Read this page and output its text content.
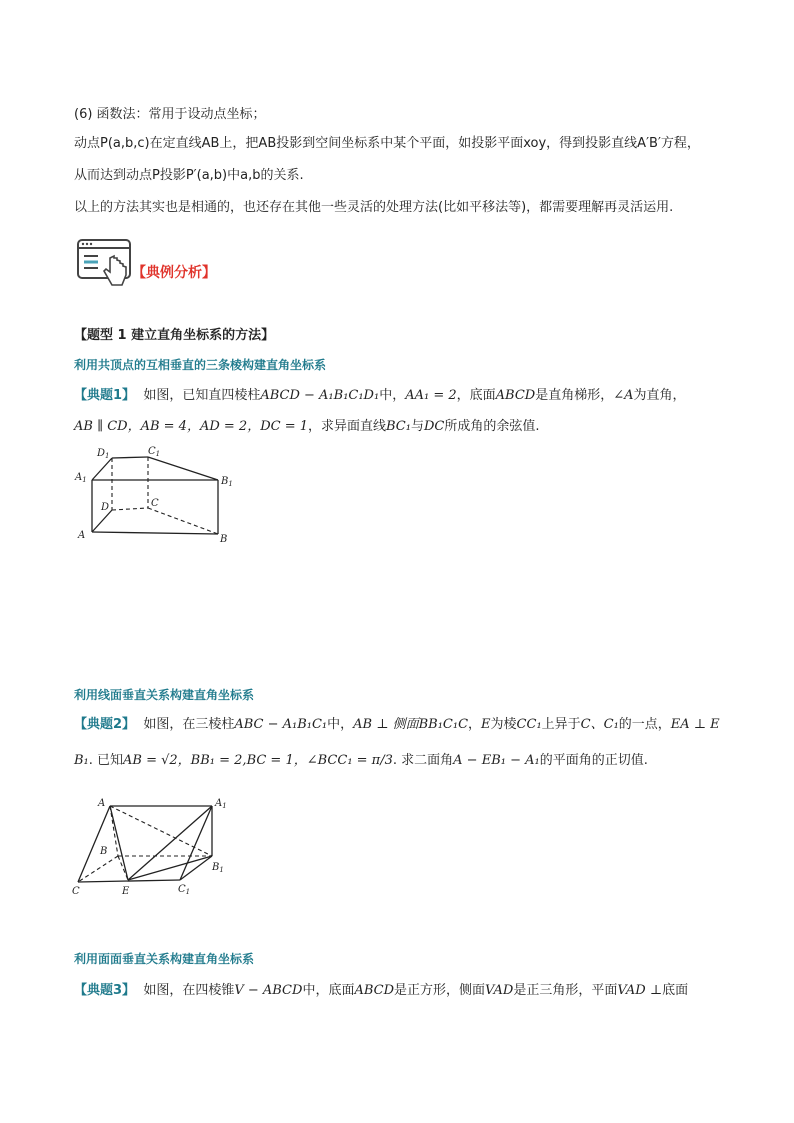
(6) 函数法：常用于设动点坐标；
动点P(a,b,c)在定直线AB上，把AB投影到空间坐标系中某个平面，如投影平面xoy，得到投影直线A′B′方程，
从而达到动点P投影P′(a,b)中a,b的关系.
以上的方法其实也是相通的，也还存在其他一些灵活的处理方法(比如平移法等)，都需要理解再灵活运用.
【典例分析】
【题型 1 建立直角坐标系的方法】
利用共顶点的互相垂直的三条棱构建直角坐标系
【典题1】 如图，已知直四棱柱ABCD − A₁B₁C₁D₁中，AA₁ = 2，底面ABCD是直角梯形，∠A为直角，
AB ∥ CD，AB = 4，AD = 2，DC = 1，求异面直线BC₁与DC所成角的余弦值.
$D_1$	$C_1$
$A_1$	$B_1$
D	C
A	B
利用线面垂直关系构建直角坐标系
【典题2】 如图，在三棱柱ABC − A₁B₁C₁中，AB ⊥ 侧面BB₁C₁C，E为棱CC₁上异于C、C₁的一点，EA ⊥ E
B₁. 已知AB = √2，BB₁ = 2,BC = 1，∠BCC₁ = π/3. 求二面角A − EB₁ − A₁的平面角的正切值.
A	$A_1$
B
$B_1$
C	E	$C_1$
利用面面垂直关系构建直角坐标系
【典题3】 如图，在四棱锥V − ABCD中，底面ABCD是正方形，侧面VAD是正三角形，平面VAD ⊥底面
